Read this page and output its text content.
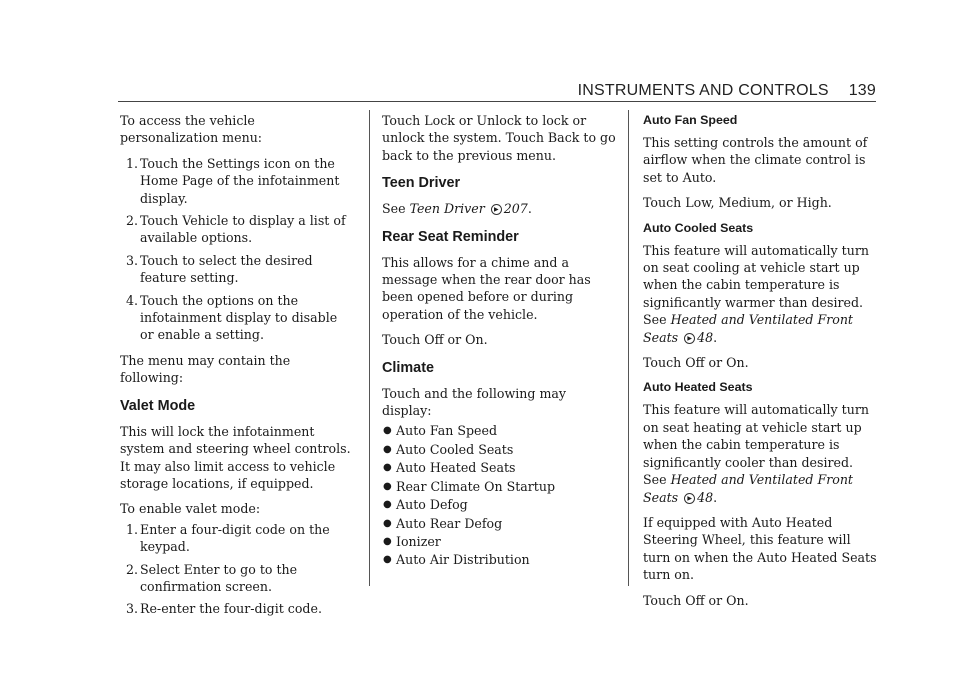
INSTRUMENTS AND CONTROLS 139

To access the vehicle personalization menu:

1. Touch the Settings icon on the Home Page of the infotainment display.
2. Touch Vehicle to display a list of available options.
3. Touch to select the desired feature setting.
4. Touch the options on the infotainment display to disable or enable a setting.

The menu may contain the following:

Valet Mode

This will lock the infotainment system and steering wheel controls. It may also limit access to vehicle storage locations, if equipped.

To enable valet mode:

1. Enter a four-digit code on the keypad.
2. Select Enter to go to the confirmation screen.
3. Re-enter the four-digit code.

Touch Lock or Unlock to lock or unlock the system. Touch Back to go back to the previous menu.

Teen Driver

See Teen Driver ▶ 207.

Rear Seat Reminder

This allows for a chime and a message when the rear door has been opened before or during operation of the vehicle.

Touch Off or On.

Climate

Touch and the following may display:

● Auto Fan Speed
● Auto Cooled Seats
● Auto Heated Seats
● Rear Climate On Startup
● Auto Defog
● Auto Rear Defog
● Ionizer
● Auto Air Distribution
Auto Fan Speed

This setting controls the amount of airflow when the climate control is set to Auto.

Touch Low, Medium, or High.

Auto Cooled Seats

This feature will automatically turn on seat cooling at vehicle start up when the cabin temperature is significantly warmer than desired. See Heated and Ventilated Front Seats ▶ 48.

Touch Off or On.

Auto Heated Seats

This feature will automatically turn on seat heating at vehicle start up when the cabin temperature is significantly cooler than desired. See Heated and Ventilated Front Seats ▶ 48.

If equipped with Auto Heated Steering Wheel, this feature will turn on when the Auto Heated Seats turn on.

Touch Off or On.
